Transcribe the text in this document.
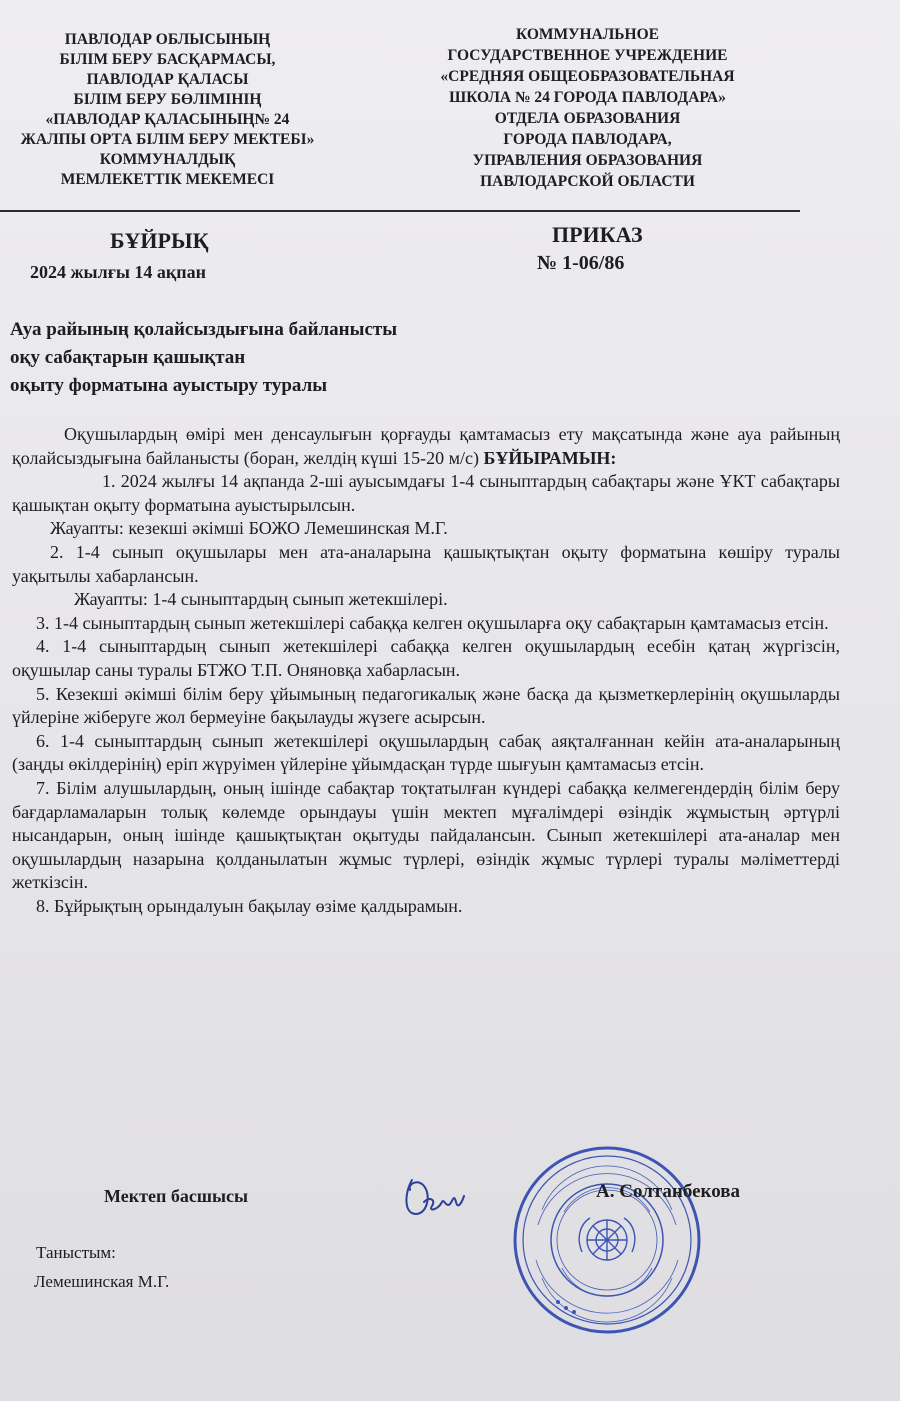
ПАВЛОДАР ОБЛЫСЫНЫҢ
БІЛІМ БЕРУ БАСҚАРМАСЫ,
ПАВЛОДАР ҚАЛАСЫ
БІЛІМ БЕРУ БӨЛІМІНІҢ
«ПАВЛОДАР ҚАЛАСЫНЫҢ№ 24
ЖАЛПЫ ОРТА БІЛІМ БЕРУ МЕКТЕБІ»
КОММУНАЛДЫҚ
МЕМЛЕКЕТТІК МЕКЕМЕСІ
КОММУНАЛЬНОЕ
ГОСУДАРСТВЕННОЕ УЧРЕЖДЕНИЕ
«СРЕДНЯЯ ОБЩЕОБРАЗОВАТЕЛЬНАЯ
ШКОЛА № 24 ГОРОДА ПАВЛОДАРА»
ОТДЕЛА ОБРАЗОВАНИЯ
ГОРОДА ПАВЛОДАРА,
УПРАВЛЕНИЯ ОБРАЗОВАНИЯ
ПАВЛОДАРСКОЙ ОБЛАСТИ
БҰЙРЫҚ
2024 жылғы 14 ақпан
ПРИКАЗ
№ 1-06/86
Ауа райының қолайсыздығына байланысты
оқу сабақтарын қашықтан
оқыту форматына ауыстыру туралы

Оқушылардың өмірі мен денсаулығын қорғауды қамтамасыз ету мақсатында және ауа райының қолайсыздығына байланысты (боран, желдің күші 15-20 м/с) БҰЙЫРАМЫН:

1. 2024 жылғы 14 ақпанда 2-ші ауысымдағы 1-4 сыныптардың сабақтары және ҰКТ сабақтары қашықтан оқыту форматына ауыстырылсын.

Жауапты: кезекші әкімші БОЖО Лемешинская М.Г.

2. 1-4 сынып оқушылары мен ата-аналарына қашықтықтан оқыту форматына көшіру туралы уақытылы хабарлансын.

Жауапты: 1-4 сыныптардың сынып жетекшілері.

3. 1-4 сыныптардың сынып жетекшілері сабаққа келген оқушыларға оқу сабақтарын қамтамасыз етсін.

4. 1-4 сыныптардың сынып жетекшілері сабаққа келген оқушылардың есебін қатаң жүргізсін, оқушылар саны туралы БТЖО Т.П. Оняновқа хабарласын.

5. Кезекші әкімші білім беру ұйымының педагогикалық және басқа да қызметкерлерінің оқушыларды үйлеріне жіберуге жол бермеуіне бақылауды жүзеге асырсын.

6. 1-4 сыныптардың сынып жетекшілері оқушылардың сабақ аяқталғаннан кейін ата-аналарының (заңды өкілдерінің) еріп жүруімен үйлеріне ұйымдасқан түрде шығуын қамтамасыз етсін.

7. Білім алушылардың, оның ішінде сабақтар тоқтатылған күндері сабаққа келмегендердің білім беру бағдарламаларын толық көлемде орындауы үшін мектеп мұғалімдері өзіндік жұмыстың әртүрлі нысандарын, оның ішінде қашықтықтан оқытуды пайдалансын. Сынып жетекшілері ата-аналар мен оқушылардың назарына қолданылатын жұмыс түрлері, өзіндік жұмыс түрлері туралы мәліметтерді жеткізсін.

8. Бұйрықтың орындалуын бақылау өзіме қалдырамын.

Мектеп басшысы	А. Солтанбекова
Таныстым:
Лемешинская М.Г.
